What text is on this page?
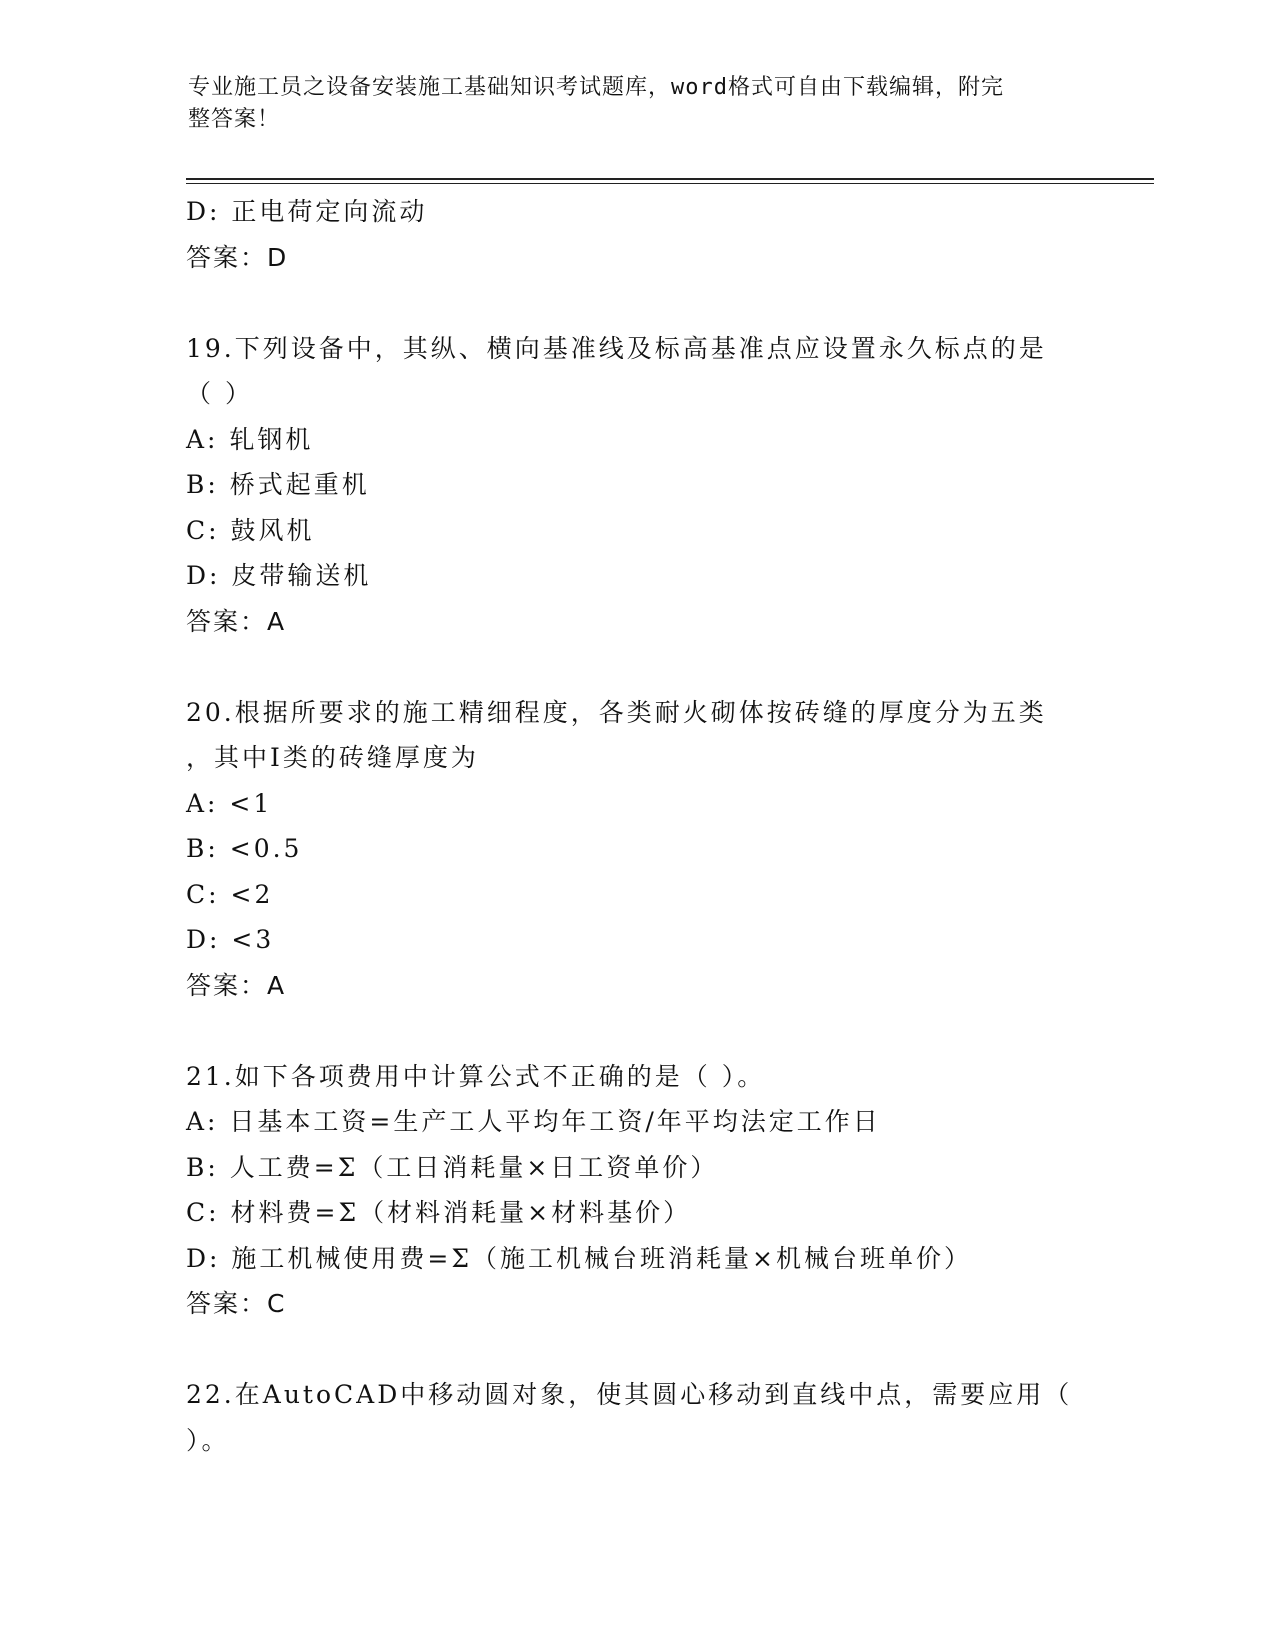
专业施工员之设备安装施工基础知识考试题库，word格式可自由下载编辑，附完
整答案！
D: 正电荷定向流动
答案：D
19.下列设备中，其纵、横向基准线及标高基准点应设置永久标点的是
（ ）
A: 轧钢机
B: 桥式起重机
C: 鼓风机
D: 皮带输送机
答案：A
20.根据所要求的施工精细程度，各类耐火砌体按砖缝的厚度分为五类
，其中Ⅰ类的砖缝厚度为
A: <1
B: <0.5
C: <2
D: <3
答案：A
21.如下各项费用中计算公式不正确的是（ ）。
A: 日基本工资=生产工人平均年工资/年平均法定工作日
B: 人工费=Σ（工日消耗量×日工资单价）
C: 材料费=Σ（材料消耗量×材料基价）
D: 施工机械使用费=Σ（施工机械台班消耗量×机械台班单价）
答案：C
22.在AutoCAD中移动圆对象，使其圆心移动到直线中点，需要应用（
）。
